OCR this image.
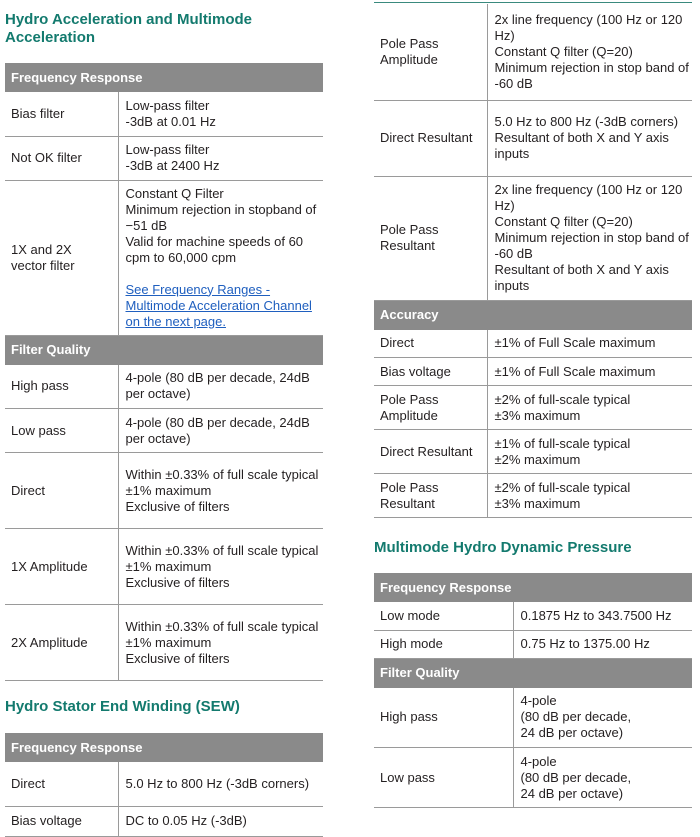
Hydro Acceleration and Multimode Acceleration
Frequency Response	
Bias filter	Low-pass filter
-3dB at 0.01 Hz

Not OK filter	Low-pass filter
-3dB at 2400 Hz

1X and 2X vector filter	Constant Q Filter
Minimum rejection in stopband of −51 dB
Valid for machine speeds of 60 cpm to 60,000 cpm
See Frequency Ranges - Multimode Acceleration Channel on the next page.

Filter Quality	
High pass	4-pole (80 dB per decade, 24dB per octave)

Low pass	4-pole (80 dB per decade, 24dB per octave)

Direct	Within ±0.33% of full scale typical
±1% maximum
Exclusive of filters

1X Amplitude	Within ±0.33% of full scale typical
±1% maximum
Exclusive of filters

2X Amplitude	Within ±0.33% of full scale typical
±1% maximum
Exclusive of filters
Hydro Stator End Winding (SEW)
Frequency Response	
Direct	5.0 Hz to 800 Hz (-3dB corners)

Bias voltage	DC to 0.05 Hz (-3dB)
Pole Pass Amplitude	2x line frequency (100 Hz or 120 Hz)
Constant Q filter (Q=20)
Minimum rejection in stop band of -60 dB

Direct Resultant	5.0 Hz to 800 Hz (-3dB corners)
Resultant of both X and Y axis inputs

Pole Pass Resultant	2x line frequency (100 Hz or 120 Hz)
Constant Q filter (Q=20)
Minimum rejection in stop band of -60 dB
Resultant of both X and Y axis inputs

Accuracy	
Direct	±1% of Full Scale maximum

Bias voltage	±1% of Full Scale maximum

Pole Pass Amplitude	±2% of full-scale typical
±3% maximum

Direct Resultant	±1% of full-scale typical
±2% maximum

Pole Pass Resultant	±2% of full-scale typical
±3% maximum
Multimode Hydro Dynamic Pressure
Frequency Response	
Low mode	0.1875 Hz to 343.7500 Hz

High mode	0.75 Hz to 1375.00 Hz

Filter Quality	
High pass	4-pole
(80 dB per decade,
24 dB per octave)

Low pass	4-pole
(80 dB per decade,
24 dB per octave)
